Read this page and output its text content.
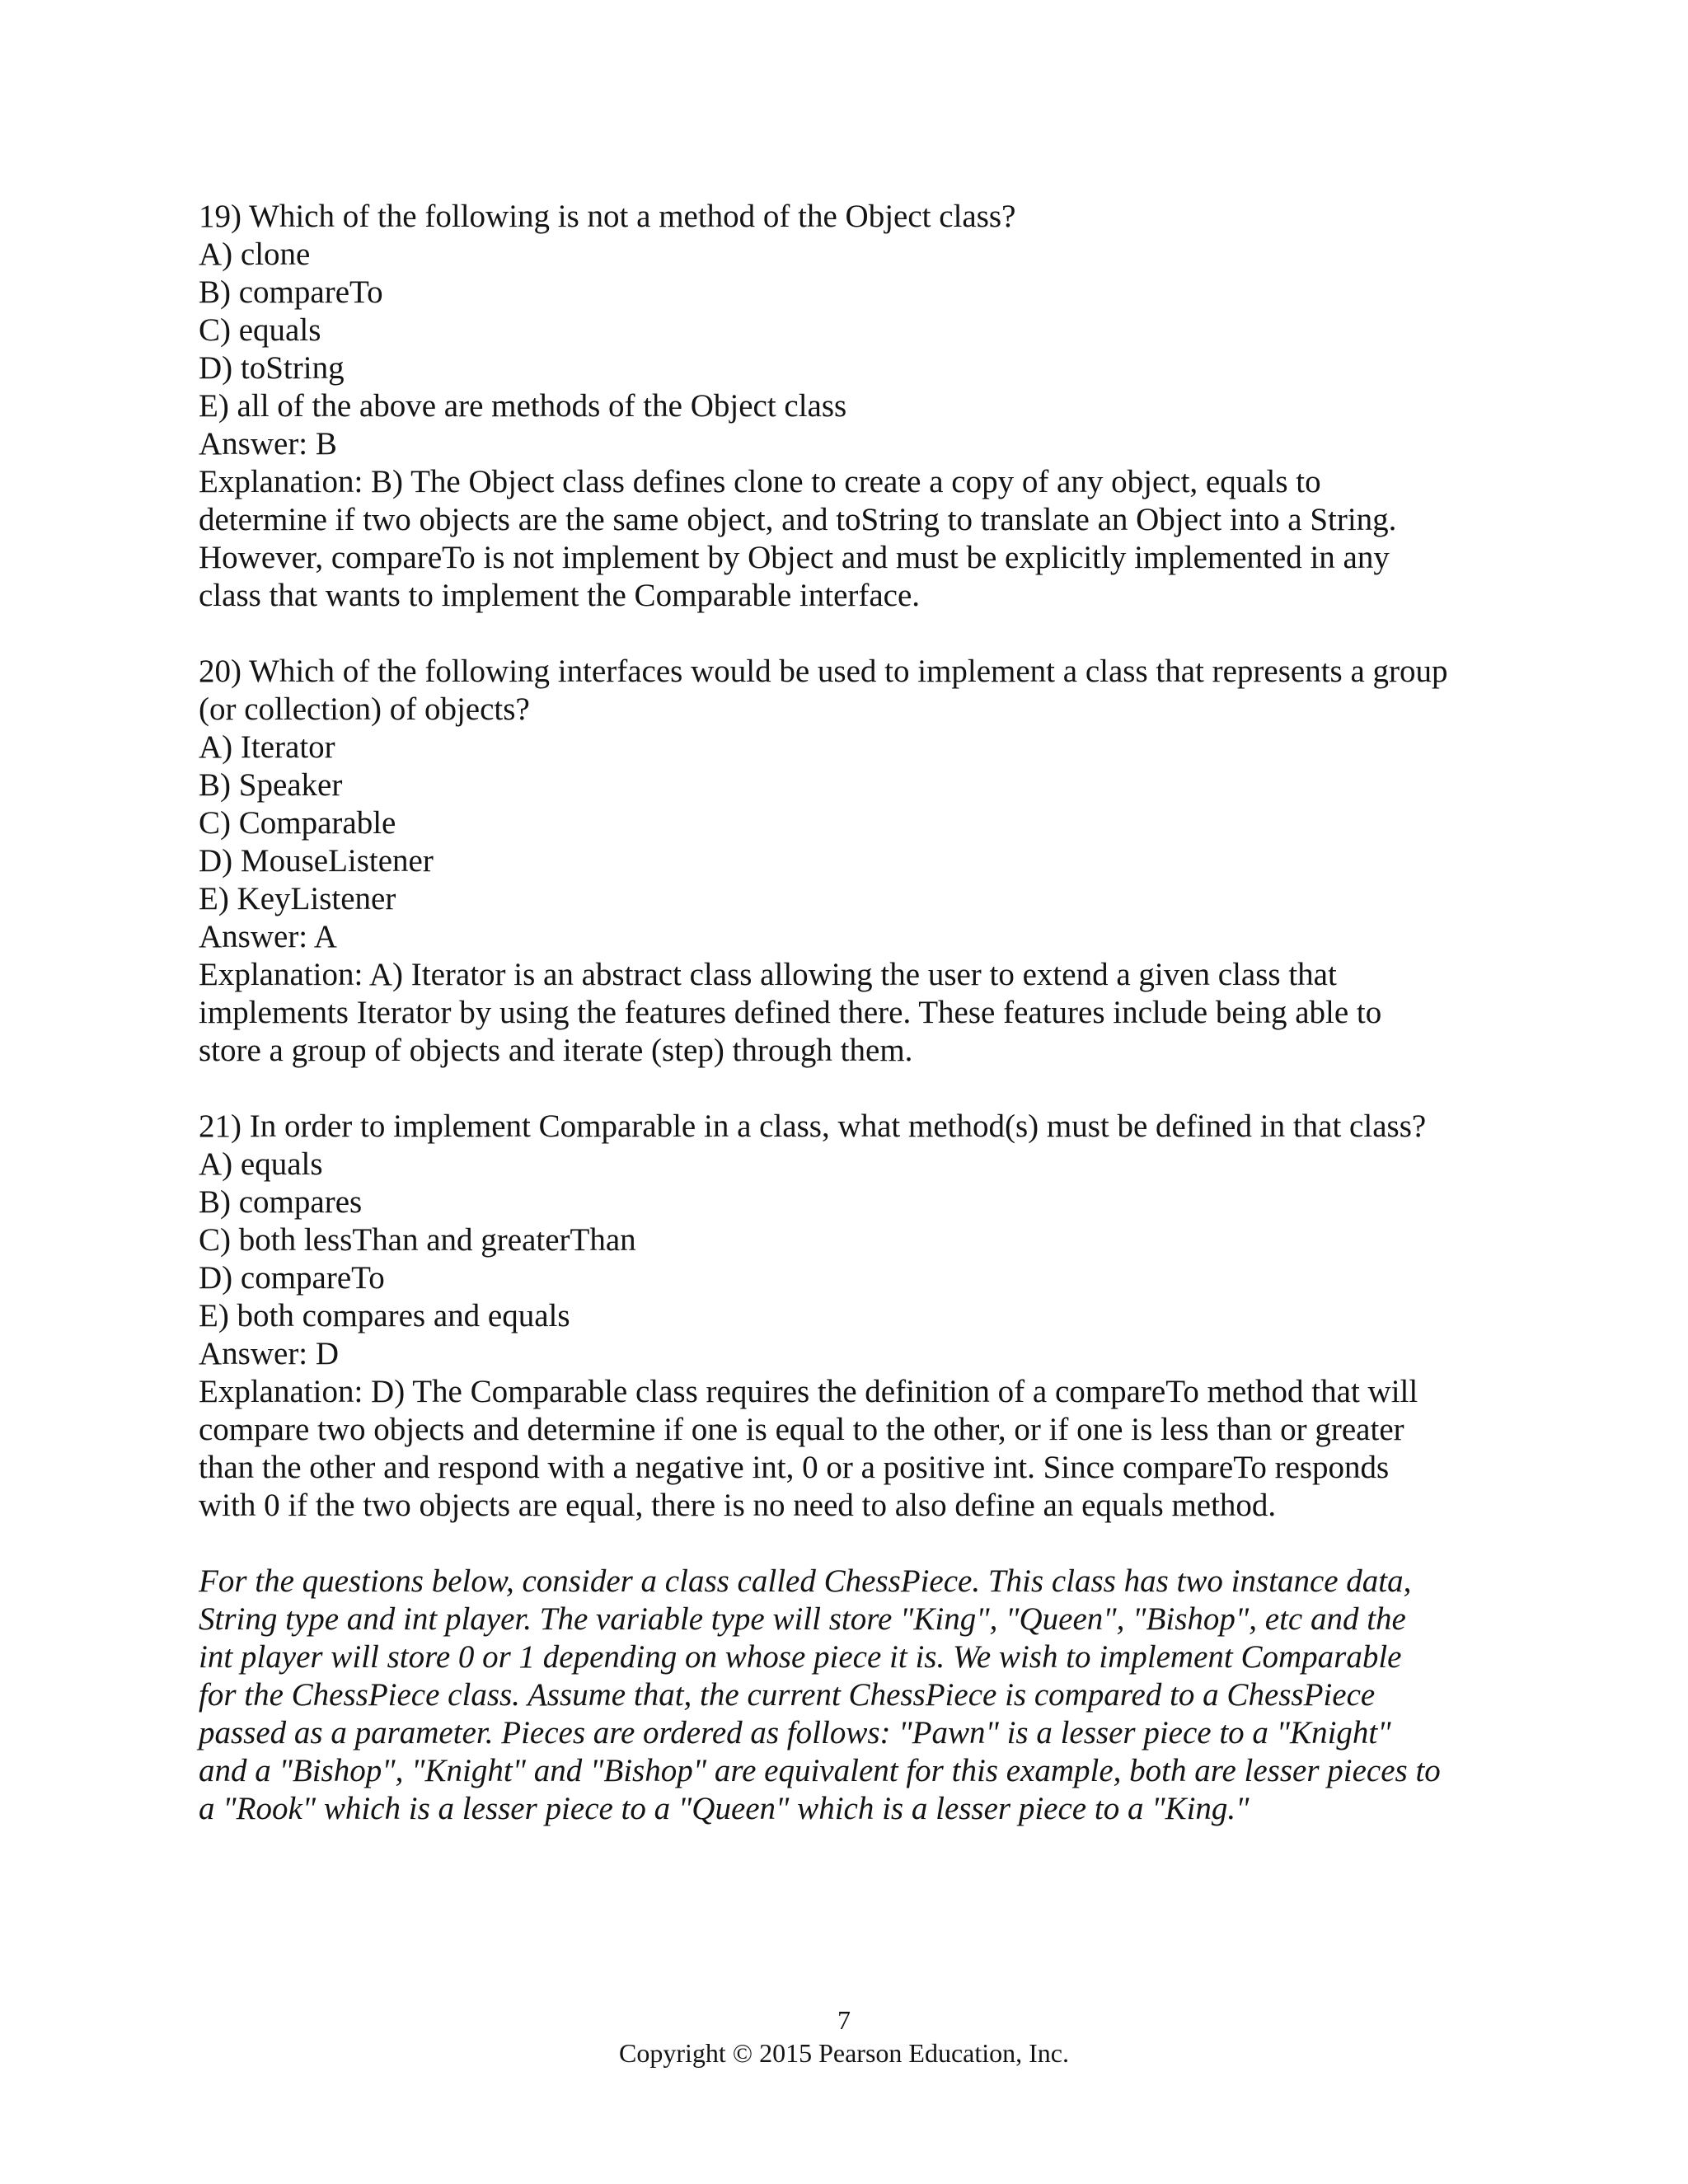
19) Which of the following is not a method of the Object class?
A) clone
B) compareTo
C) equals
D) toString
E) all of the above are methods of the Object class
Answer: B
Explanation: B) The Object class defines clone to create a copy of any object, equals to
determine if two objects are the same object, and toString to translate an Object into a String.
However, compareTo is not implement by Object and must be explicitly implemented in any
class that wants to implement the Comparable interface.
20) Which of the following interfaces would be used to implement a class that represents a group
(or collection) of objects?
A) Iterator
B) Speaker
C) Comparable
D) MouseListener
E) KeyListener
Answer: A
Explanation: A) Iterator is an abstract class allowing the user to extend a given class that
implements Iterator by using the features defined there. These features include being able to
store a group of objects and iterate (step) through them.
21) In order to implement Comparable in a class, what method(s) must be defined in that class?
A) equals
B) compares
C) both lessThan and greaterThan
D) compareTo
E) both compares and equals
Answer: D
Explanation: D) The Comparable class requires the definition of a compareTo method that will
compare two objects and determine if one is equal to the other, or if one is less than or greater
than the other and respond with a negative int, 0 or a positive int. Since compareTo responds
with 0 if the two objects are equal, there is no need to also define an equals method.
For the questions below, consider a class called ChessPiece. This class has two instance data,
String type and int player. The variable type will store "King", "Queen", "Bishop", etc and the
int player will store 0 or 1 depending on whose piece it is. We wish to implement Comparable
for the ChessPiece class. Assume that, the current ChessPiece is compared to a ChessPiece
passed as a parameter. Pieces are ordered as follows: "Pawn" is a lesser piece to a "Knight"
and a "Bishop", "Knight" and "Bishop" are equivalent for this example, both are lesser pieces to
a "Rook" which is a lesser piece to a "Queen" which is a lesser piece to a "King."
7
Copyright © 2015 Pearson Education, Inc.
